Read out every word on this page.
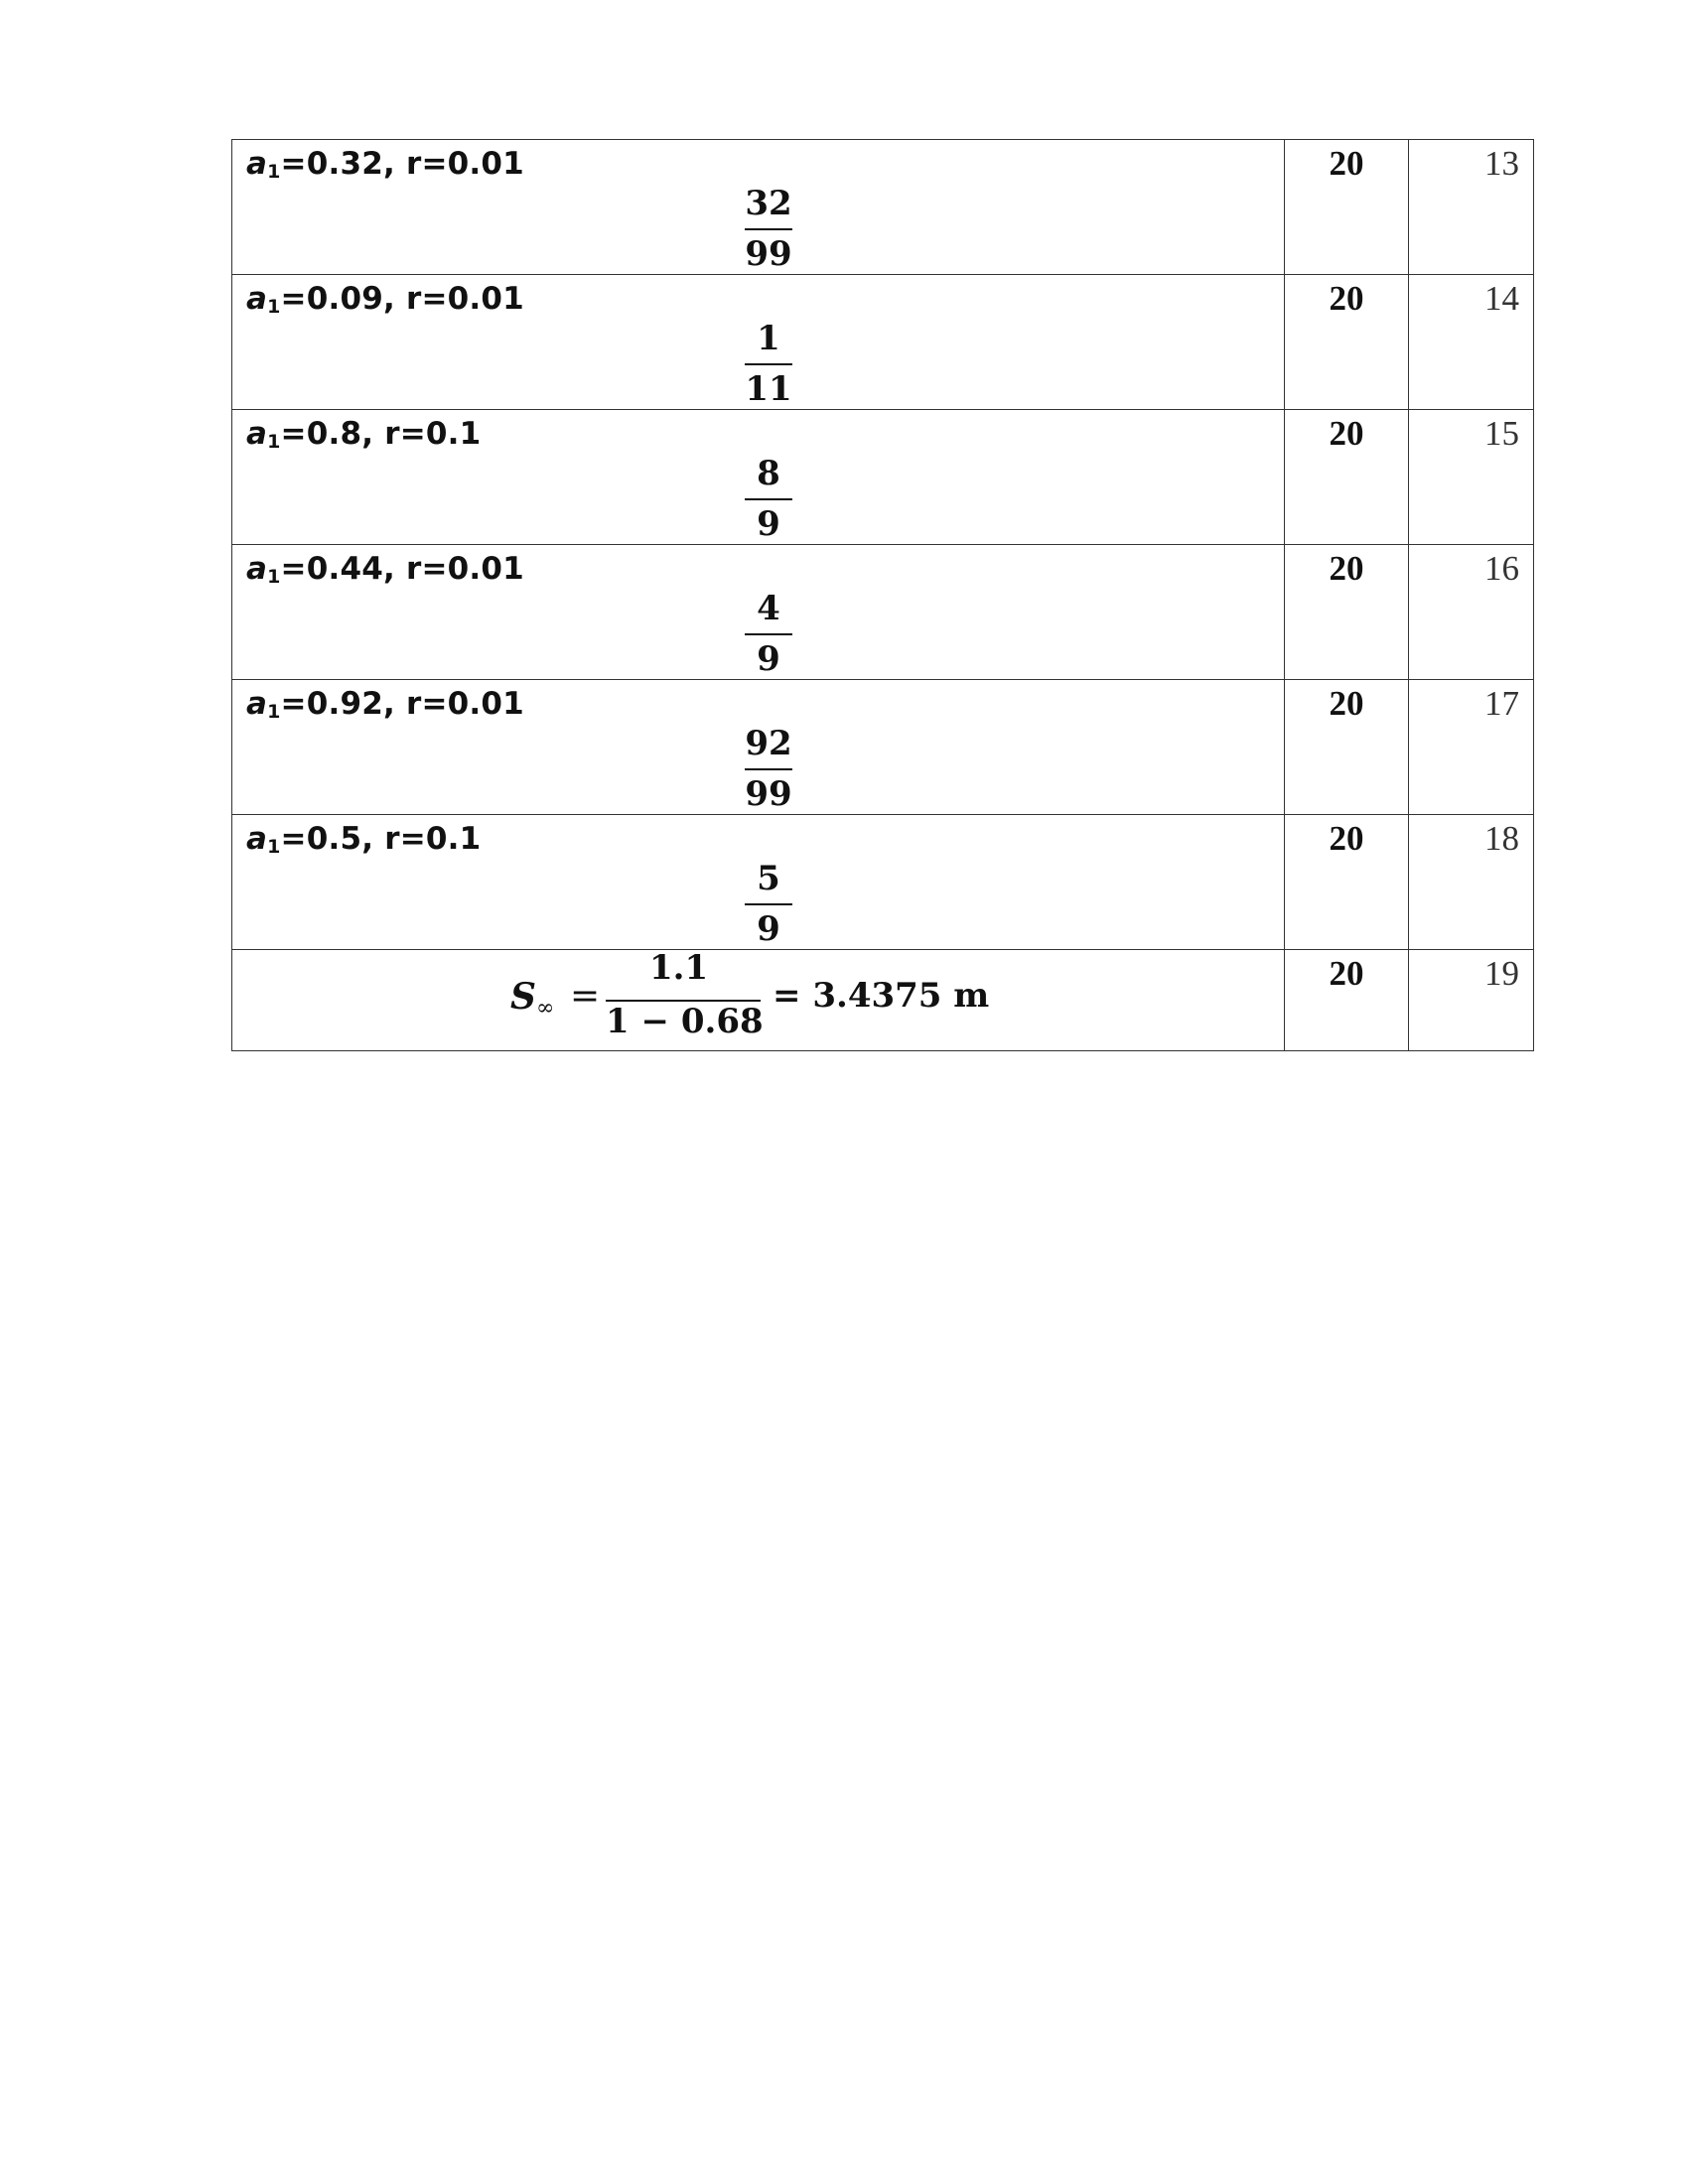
$a_1=0.32$, r=0.01
32
99	20	13

$a_1=0.09$, r=0.01
1
11	20	14

$a_1=0.8$, r=0.1
8
9	20	15

$a_1=0.44$, r=0.01
4
9	20	16

$a_1=0.92$, r=0.01
92
99	20	17

$a_1=0.5$, r=0.1
5
9	20	18

$S_\infty$ =
1.1
1 − 0.68
= 3.4375 m	20	19
